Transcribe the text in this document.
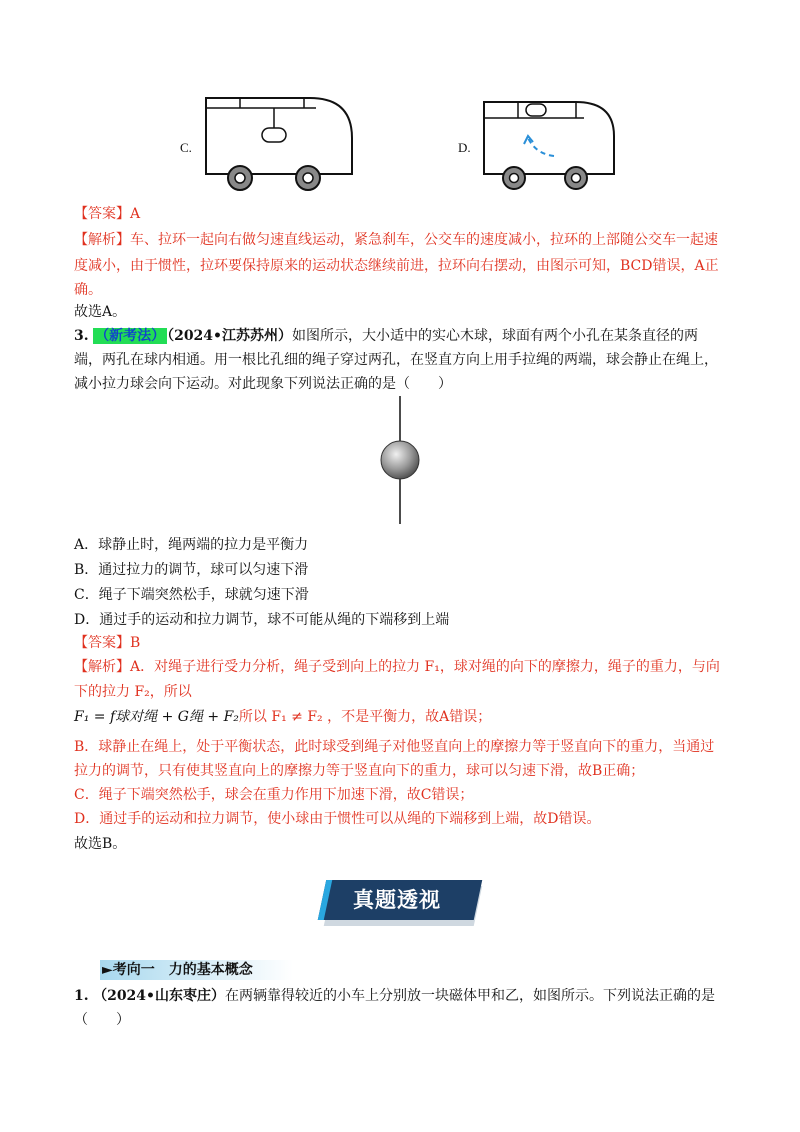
C.	D.
【答案】A
【解析】车、拉环一起向右做匀速直线运动，紧急刹车，公交车的速度减小，拉环的上部随公交车一起速
度减小，由于惯性，拉环要保持原来的运动状态继续前进，拉环向右摆动，由图示可知，BCD错误，A正
确。
故选A。
3. （新考法） （2024•江苏苏州）如图所示，大小适中的实心木球，球面有两个小孔在某条直径的两
端，两孔在球内相通。用一根比孔细的绳子穿过两孔，在竖直方向上用手拉绳的两端，球会静止在绳上，
减小拉力球会向下运动。对此现象下列说法正确的是（　　）
A．球静止时，绳两端的拉力是平衡力
B．通过拉力的调节，球可以匀速下滑
C．绳子下端突然松手，球就匀速下滑
D．通过手的运动和拉力调节，球不可能从绳的下端移到上端
【答案】B
【解析】A．对绳子进行受力分析，绳子受到向上的拉力 F₁，球对绳的向下的摩擦力，绳子的重力，与向
下的拉力 F₂，所以
F₁ = f球对绳 + G绳 + F₂所以 F₁ ≠ F₂ ，不是平衡力，故A错误；
B．球静止在绳上，处于平衡状态，此时球受到绳子对他竖直向上的摩擦力等于竖直向下的重力，当通过
拉力的调节，只有使其竖直向上的摩擦力等于竖直向下的重力，球可以匀速下滑，故B正确；
C．绳子下端突然松手，球会在重力作用下加速下滑，故C错误；
D．通过手的运动和拉力调节，使小球由于惯性可以从绳的下端移到上端，故D错误。
故选B。
真题透视
►考向一　力的基本概念
1. （2024•山东枣庄）在两辆靠得较近的小车上分别放一块磁体甲和乙，如图所示。下列说法正确的是
（　　）
